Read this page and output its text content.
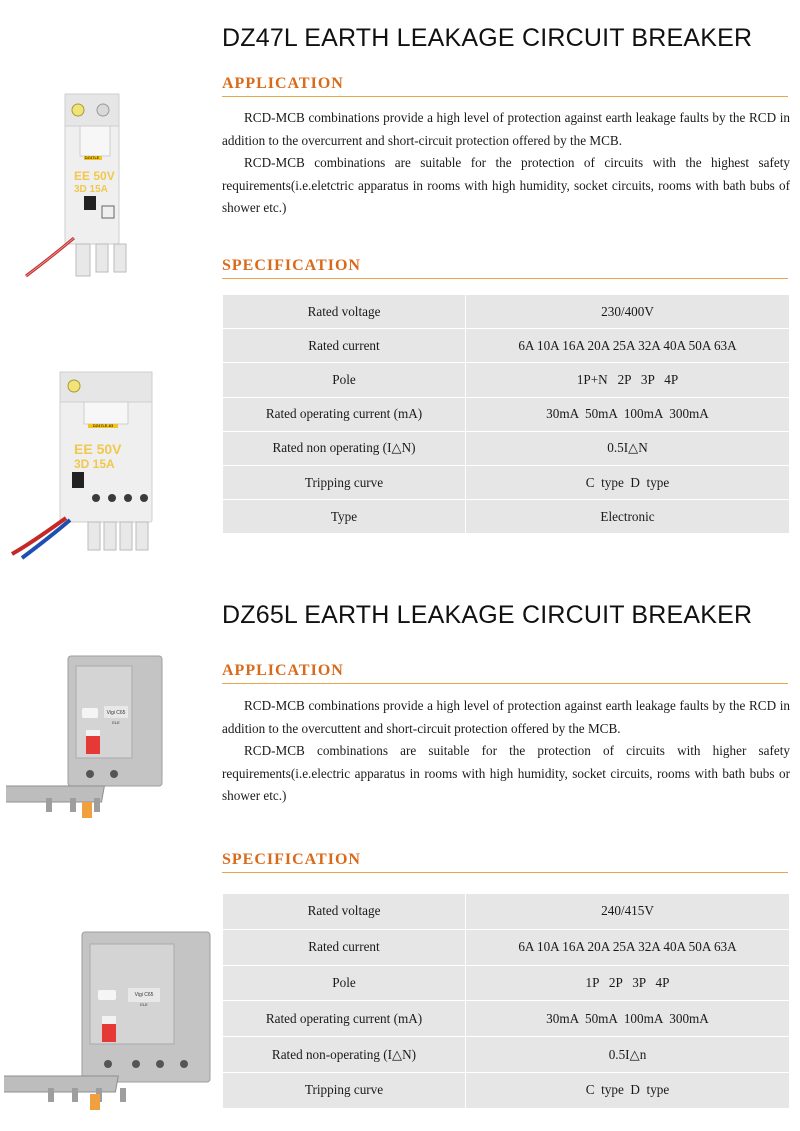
DZ47L EARTH LEAKAGE CIRCUIT BREAKER
APPLICATION

RCD-MCB combinations provide a high level of protection against earth leakage faults by the RCD in addition to the overcurrent and short-circuit protection offered by the MCB.

RCD-MCB combinations are suitable for the protection of circuits with the highest safety requirements(i.e.eletctric apparatus in rooms with high humidity, socket circuits, rooms with bath bubs of shower etc.)

SPECIFICATION
Rated voltage	230/400V
Rated current	6A 10A 16A 20A 25A 32A 40A 50A 63A
Pole	1P+N   2P   3P   4P
Rated operating current (mA)	30mA  50mA  100mA  300mA
Rated non operating (I△N)	0.5I△N
Tripping curve	C  type  D  type
Type	Electronic
DZ47LE
EE 50V
3D 15A
DZ47LE-63
EE 50V
3D 15A
DZ65L EARTH LEAKAGE CIRCUIT BREAKER
APPLICATION

RCD-MCB combinations provide a high level of protection against earth leakage faults by the RCD in addition to the overcuttent and short-circuit protection offered by the MCB.

RCD-MCB combinations are suitable for the protection of circuits with higher safety requirements(i.e.electric apparatus in rooms with high humidity, socket circuits, rooms with bath bubs or shower etc.)

SPECIFICATION
Rated voltage	240/415V
Rated current	6A 10A 16A 20A 25A 32A 40A 50A 63A
Pole	1P   2P   3P   4P
Rated operating current (mA)	30mA  50mA  100mA  300mA
Rated non-operating (I△N)	0.5I△n
Tripping curve	C  type  D  type
Vigi C65
ELE
Vigi C65
ELE
